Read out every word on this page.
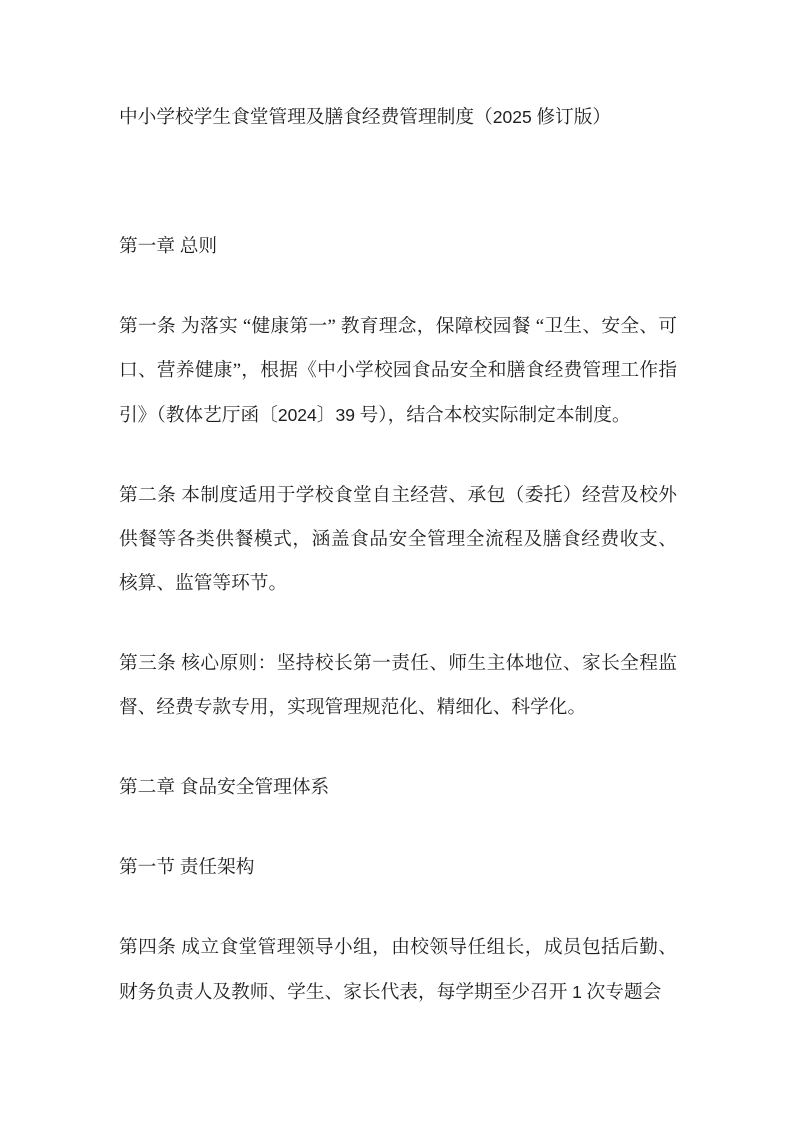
中小学校学生食堂管理及膳食经费管理制度（2025 修订版）

第一章 总则

第一条 为落实 “健康第一” 教育理念，保障校园餐 “卫生、安全、可口、营养健康”，根据《中小学校园食品安全和膳食经费管理工作指引》（教体艺厅函〔2024〕39 号），结合本校实际制定本制度。

第二条 本制度适用于学校食堂自主经营、承包（委托）经营及校外供餐等各类供餐模式，涵盖食品安全管理全流程及膳食经费收支、核算、监管等环节。

第三条 核心原则：坚持校长第一责任、师生主体地位、家长全程监督、经费专款专用，实现管理规范化、精细化、科学化。

第二章 食品安全管理体系

第一节 责任架构

第四条 成立食堂管理领导小组，由校领导任组长，成员包括后勤、财务负责人及教师、学生、家长代表，每学期至少召开 1 次专题会
